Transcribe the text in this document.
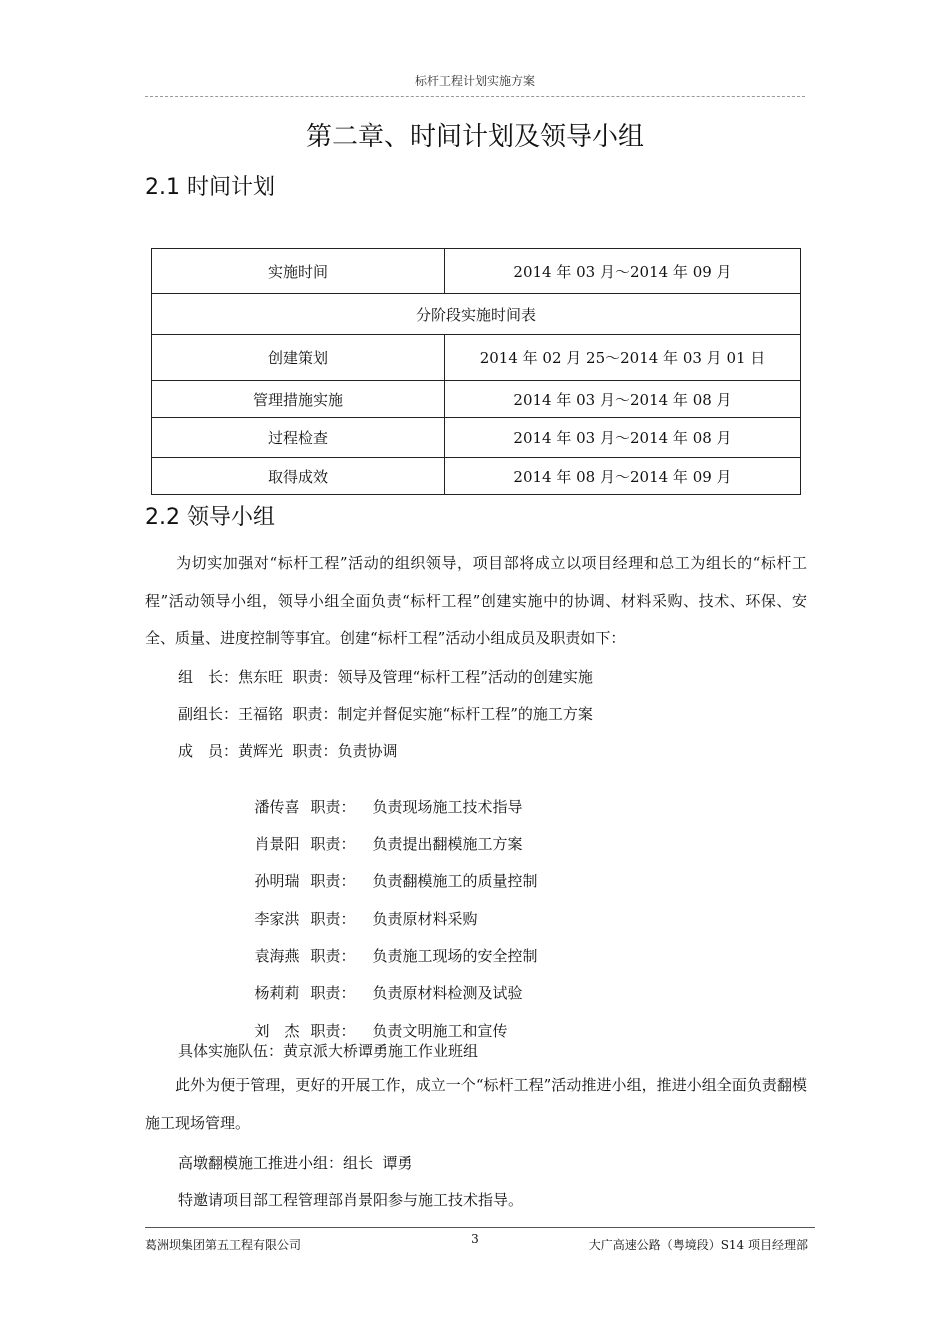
标杆工程计划实施方案
第二章、时间计划及领导小组
2.1 时间计划
实施时间	2014 年 03 月～2014 年 09 月
分阶段实施时间表	
创建策划	2014 年 02 月 25～2014 年 03 月 01 日
管理措施实施	2014 年 03 月～2014 年 08 月
过程检查	2014 年 03 月～2014 年 08 月
取得成效	2014 年 08 月～2014 年 09 月
2.2 领导小组
　　为切实加强对“标杆工程”活动的组织领导，项目部将成立以项目经理和总工为组长的“标杆工程”活动领导小组，领导小组全面负责“标杆工程”创建实施中的协调、材料采购、技术、环保、安全、质量、进度控制等事宜。创建“标杆工程”活动小组成员及职责如下：
组　长：焦东旺  职责：领导及管理“标杆工程”活动的创建实施
副组长：王福铭  职责：制定并督促实施“标杆工程”的施工方案
成　员：黄辉光  职责：负责协调

潘传喜 职责： 负责现场施工技术指导

肖景阳 职责： 负责提出翻模施工方案

孙明瑞 职责： 负责翻模施工的质量控制

李家洪 职责： 负责原材料采购

袁海燕 职责： 负责施工现场的安全控制

杨莉莉 职责： 负责原材料检测及试验

刘　杰 职责： 负责文明施工和宣传

具体实施队伍：黄京派大桥谭勇施工作业班组
　　此外为便于管理，更好的开展工作，成立一个“标杆工程”活动推进小组，推进小组全面负责翻模施工现场管理。
高墩翻模施工推进小组：组长  谭勇
特邀请项目部工程管理部肖景阳参与施工技术指导。
葛洲坝集团第五工程有限公司	3	大广高速公路（粤境段）S14 项目经理部
